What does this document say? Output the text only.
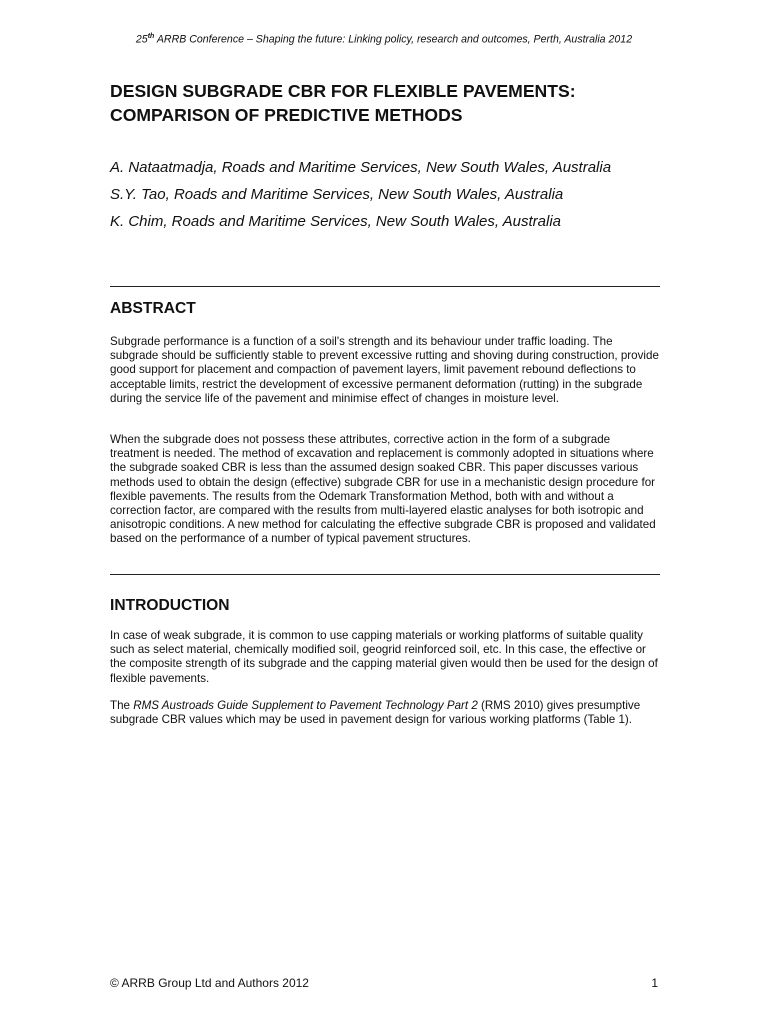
25th ARRB Conference – Shaping the future: Linking policy, research and outcomes, Perth, Australia 2012
DESIGN SUBGRADE CBR FOR FLEXIBLE PAVEMENTS: COMPARISON OF PREDICTIVE METHODS

A. Nataatmadja, Roads and Maritime Services, New South Wales, Australia

S.Y. Tao, Roads and Maritime Services, New South Wales, Australia

K. Chim, Roads and Maritime Services, New South Wales, Australia

ABSTRACT

Subgrade performance is a function of a soil's strength and its behaviour under traffic loading. The subgrade should be sufficiently stable to prevent excessive rutting and shoving during construction, provide good support for placement and compaction of pavement layers, limit pavement rebound deflections to acceptable limits, restrict the development of excessive permanent deformation (rutting) in the subgrade during the service life of the pavement and minimise effect of changes in moisture level.

When the subgrade does not possess these attributes, corrective action in the form of a subgrade treatment is needed. The method of excavation and replacement is commonly adopted in situations where the subgrade soaked CBR is less than the assumed design soaked CBR. This paper discusses various methods used to obtain the design (effective) subgrade CBR for use in a mechanistic design procedure for flexible pavements. The results from the Odemark Transformation Method, both with and without a correction factor, are compared with the results from multi-layered elastic analyses for both isotropic and anisotropic conditions. A new method for calculating the effective subgrade CBR is proposed and validated based on the performance of a number of typical pavement structures.

INTRODUCTION

In case of weak subgrade, it is common to use capping materials or working platforms of suitable quality such as select material, chemically modified soil, geogrid reinforced soil, etc. In this case, the effective or the composite strength of its subgrade and the capping material given would then be used for the design of flexible pavements.

The RMS Austroads Guide Supplement to Pavement Technology Part 2 (RMS 2010) gives presumptive subgrade CBR values which may be used in pavement design for various working platforms (Table 1).

© ARRB Group Ltd and Authors 2012	1
